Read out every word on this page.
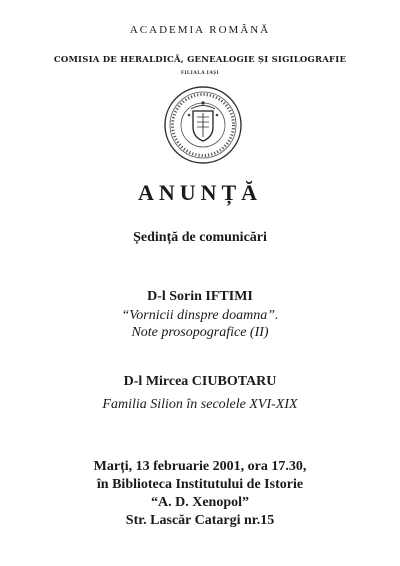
ACADEMIA ROMÂNĂ
COMISIA DE HERALDICĂ, GENEALOGIE ȘI SIGILOGRAFIE
FILIALA IAȘI
ANUNȚĂ
Ședință de comunicări
D-l Sorin IFTIMI
“Vornicii dinspre doamna”.
Note prosopografice (II)
D-l Mircea CIUBOTARU
Familia Silion în secolele XVI-XIX
Marți, 13 februarie 2001, ora 17.30,
în Biblioteca Institutului de Istorie
“A. D. Xenopol”
Str. Lascăr Catargi nr.15
